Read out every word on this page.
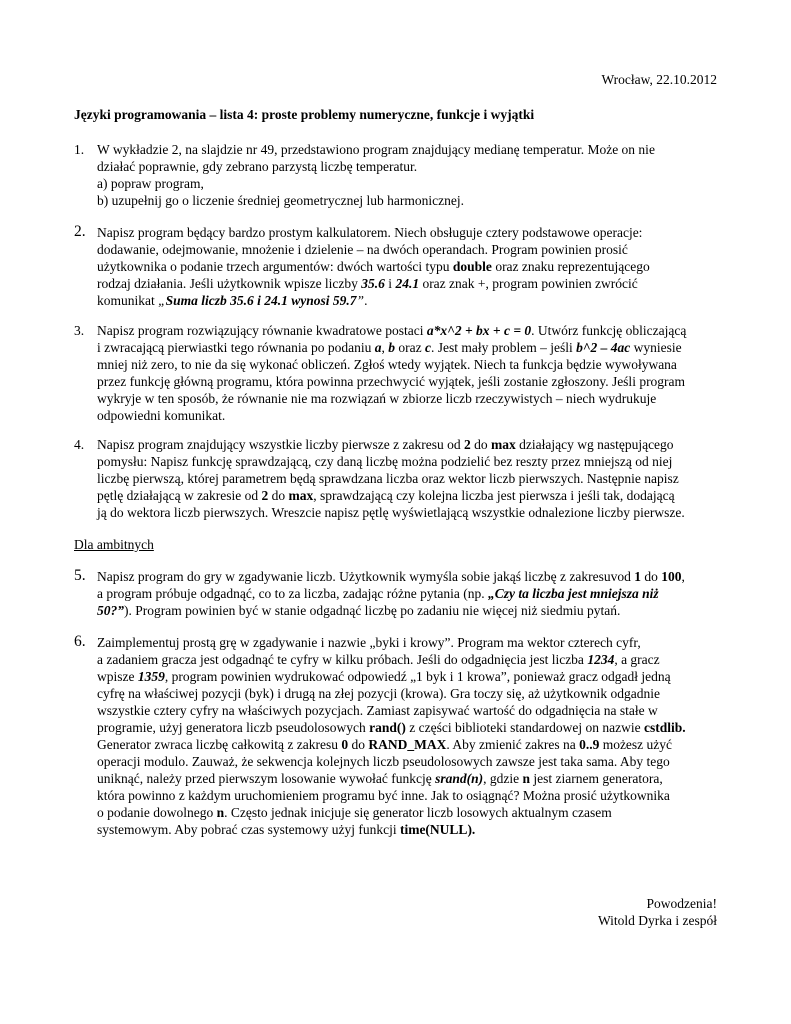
Wrocław, 22.10.2012
Języki programowania – lista 4: proste problemy numeryczne, funkcje i wyjątki
1. W wykładzie 2, na slajdzie nr 49, przedstawiono program znajdujący medianę temperatur. Może on nie
działać poprawnie, gdy zebrano parzystą liczbę temperatur.
a) popraw program,
b) uzupełnij go o liczenie średniej geometrycznej lub harmonicznej.
2. Napisz program będący bardzo prostym kalkulatorem. Niech obsługuje cztery podstawowe operacje:
dodawanie, odejmowanie, mnożenie i dzielenie – na dwóch operandach. Program powinien prosić
użytkownika o podanie trzech argumentów: dwóch wartości typu double oraz znaku reprezentującego
rodzaj działania. Jeśli użytkownik wpisze liczby 35.6 i 24.1 oraz znak +, program powinien zwrócić
komunikat „Suma liczb 35.6 i 24.1 wynosi 59.7”.
3. Napisz program rozwiązujący równanie kwadratowe postaci a*x^2 + bx + c = 0. Utwórz funkcję obliczającą
i zwracającą pierwiastki tego równania po podaniu a, b oraz c. Jest mały problem – jeśli b^2 – 4ac wyniesie
mniej niż zero, to nie da się wykonać obliczeń. Zgłoś wtedy wyjątek. Niech ta funkcja będzie wywoływana
przez funkcję główną programu, która powinna przechwycić wyjątek, jeśli zostanie zgłoszony. Jeśli program
wykryje w ten sposób, że równanie nie ma rozwiązań w zbiorze liczb rzeczywistych – niech wydrukuje
odpowiedni komunikat.
4. Napisz program znajdujący wszystkie liczby pierwsze z zakresu od 2 do max działający wg następującego
pomysłu: Napisz funkcję sprawdzającą, czy daną liczbę można podzielić bez reszty przez mniejszą od niej
liczbę pierwszą, której parametrem będą sprawdzana liczba oraz wektor liczb pierwszych. Następnie napisz
pętlę działającą w zakresie od 2 do max, sprawdzającą czy kolejna liczba jest pierwsza i jeśli tak, dodającą
ją do wektora liczb pierwszych. Wreszcie napisz pętlę wyświetlającą wszystkie odnalezione liczby pierwsze.
Dla ambitnych
5. Napisz program do gry w zgadywanie liczb. Użytkownik wymyśla sobie jakąś liczbę z zakresuvod 1 do 100,
a program próbuje odgadnąć, co to za liczba, zadając różne pytania (np. „Czy ta liczba jest mniejsza niż
50?”). Program powinien być w stanie odgadnąć liczbę po zadaniu nie więcej niż siedmiu pytań.
6. Zaimplementuj prostą grę w zgadywanie i nazwie „byki i krowy”. Program ma wektor czterech cyfr,
a zadaniem gracza jest odgadnąć te cyfry w kilku próbach. Jeśli do odgadnięcia jest liczba 1234, a gracz
wpisze 1359, program powinien wydrukować odpowiedź „1 byk i 1 krowa”, ponieważ gracz odgadł jedną
cyfrę na właściwej pozycji (byk) i drugą na złej pozycji (krowa). Gra toczy się, aż użytkownik odgadnie
wszystkie cztery cyfry na właściwych pozycjach. Zamiast zapisywać wartość do odgadnięcia na stałe w
programie, użyj generatora liczb pseudolosowych rand() z części biblioteki standardowej on nazwie cstdlib.
Generator zwraca liczbę całkowitą z zakresu 0 do RAND_MAX. Aby zmienić zakres na 0..9 możesz użyć
operacji modulo. Zauważ, że sekwencja kolejnych liczb pseudolosowych zawsze jest taka sama. Aby tego
uniknąć, należy przed pierwszym losowanie wywołać funkcję srand(n), gdzie n jest ziarnem generatora,
która powinno z każdym uruchomieniem programu być inne. Jak to osiągnąć? Można prosić użytkownika
o podanie dowolnego n. Często jednak inicjuje się generator liczb losowych aktualnym czasem
systemowym. Aby pobrać czas systemowy użyj funkcji time(NULL).
Powodzenia!
Witold Dyrka i zespół
